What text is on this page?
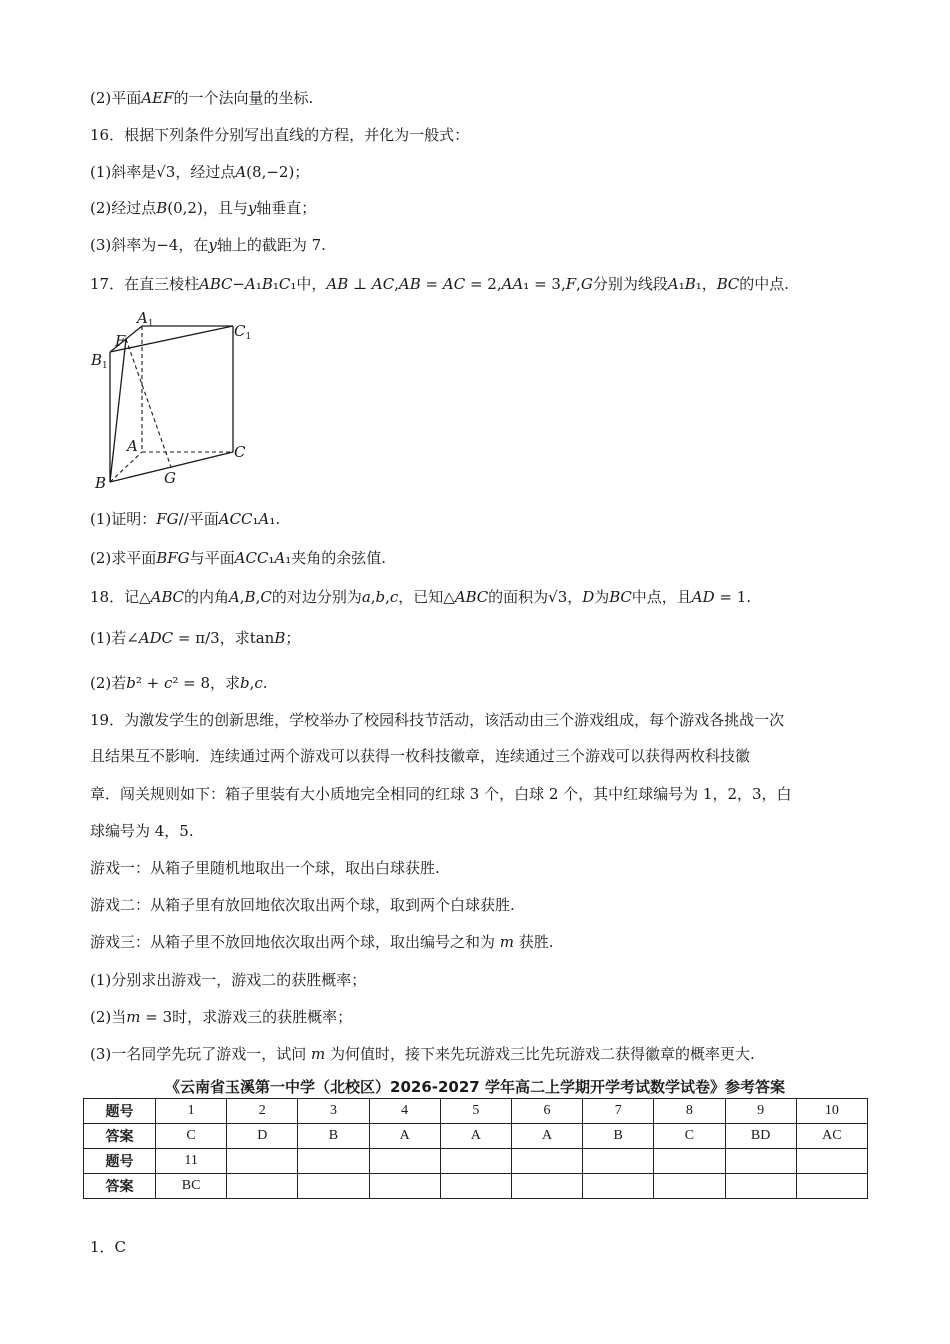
(2)平面𝐴𝐸𝐹的一个法向量的坐标.
16．根据下列条件分别写出直线的方程，并化为一般式：
(1)斜率是√3，经过点𝐴(8,−2)；
(2)经过点𝐵(0,2)，且与𝑦轴垂直；
(3)斜率为−4，在𝑦轴上的截距为 7.
17．在直三棱柱𝐴𝐵𝐶−𝐴₁𝐵₁𝐶₁中，𝐴𝐵 ⊥ 𝐴𝐶,𝐴𝐵 = 𝐴𝐶 = 2,𝐴𝐴₁ = 3,𝐹,𝐺分别为线段𝐴₁𝐵₁，𝐵𝐶的中点.
$A_1$	$C_1$
$B_1$
F
A	C
B	G
(1)证明：𝐹𝐺//平面𝐴𝐶𝐶₁𝐴₁.
(2)求平面𝐵𝐹𝐺与平面𝐴𝐶𝐶₁𝐴₁夹角的余弦值.
18．记△𝐴𝐵𝐶的内角𝐴,𝐵,𝐶的对边分别为𝑎,𝑏,𝑐，已知△𝐴𝐵𝐶的面积为√3，𝐷为𝐵𝐶中点，且𝐴𝐷 = 1.
(1)若∠𝐴𝐷𝐶 = π/3，求tan𝐵；
(2)若𝑏² + 𝑐² = 8，求𝑏,𝑐.
19．为激发学生的创新思维，学校举办了校园科技节活动，该活动由三个游戏组成，每个游戏各挑战一次
且结果互不影响．连续通过两个游戏可以获得一枚科技徽章，连续通过三个游戏可以获得两枚科技徽
章．闯关规则如下：箱子里装有大小质地完全相同的红球 3 个，白球 2 个，其中红球编号为 1，2，3，白
球编号为 4，5.
游戏一：从箱子里随机地取出一个球，取出白球获胜.
游戏二：从箱子里有放回地依次取出两个球，取到两个白球获胜.
游戏三：从箱子里不放回地依次取出两个球，取出编号之和为 𝑚 获胜.
(1)分别求出游戏一，游戏二的获胜概率；
(2)当𝑚 = 3时，求游戏三的获胜概率；
(3)一名同学先玩了游戏一，试问 𝑚 为何值时，接下来先玩游戏三比先玩游戏二获得徽章的概率更大.
《云南省玉溪第一中学（北校区）2026-2027 学年高二上学期开学考试数学试卷》参考答案
题号	1	2	3	4	5	6	7	8	9	10
答案	C	D	B	A	A	A	B	C	BD	AC
题号	11									
答案	BC									
1．C
